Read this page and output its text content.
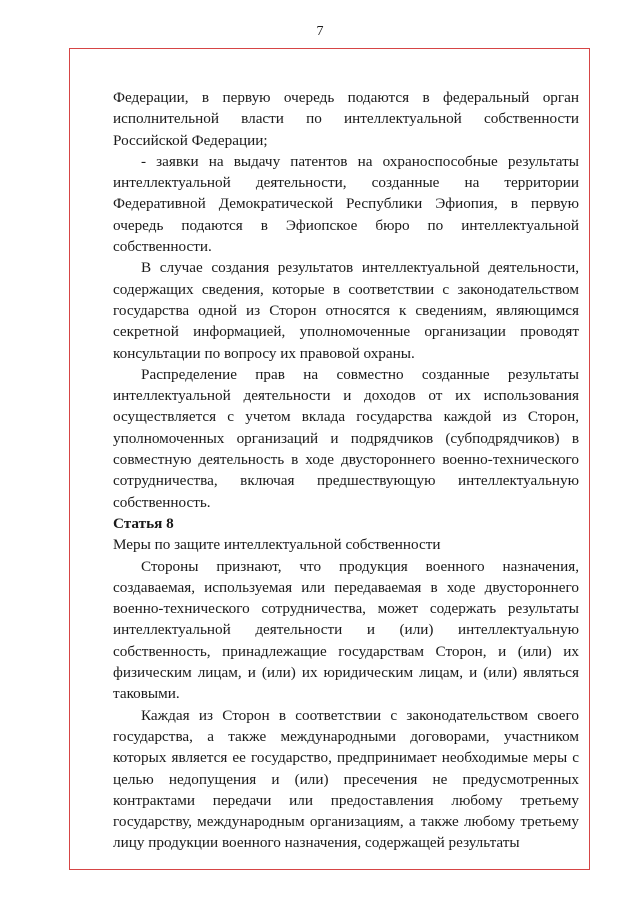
7

Федерации, в первую очередь подаются в федеральный орган исполнительной власти по интеллектуальной собственности Российской Федерации;

- заявки на выдачу патентов на охраноспособные результаты интеллектуальной деятельности, созданные на территории Федеративной Демократической Республики Эфиопия, в первую очередь подаются в Эфиопское бюро по интеллектуальной собственности.

В случае создания результатов интеллектуальной деятельности, содержащих сведения, которые в соответствии с законодательством государства одной из Сторон относятся к сведениям, являющимся секретной информацией, уполномоченные организации проводят консультации по вопросу их правовой охраны.

Распределение прав на совместно созданные результаты интеллектуальной деятельности и доходов от их использования осуществляется с учетом вклада государства каждой из Сторон, уполномоченных организаций и подрядчиков (субподрядчиков) в совместную деятельность в ходе двустороннего военно-технического сотрудничества, включая предшествующую интеллектуальную собственность.

Статья 8

Меры по защите интеллектуальной собственности

Стороны признают, что продукция военного назначения, создаваемая, используемая или передаваемая в ходе двустороннего военно-технического сотрудничества, может содержать результаты интеллектуальной деятельности и (или) интеллектуальную собственность, принадлежащие государствам Сторон, и (или) их физическим лицам, и (или) их юридическим лицам, и (или) являться таковыми.

Каждая из Сторон в соответствии с законодательством своего государства, а также международными договорами, участником которых является ее государство, предпринимает необходимые меры с целью недопущения и (или) пресечения не предусмотренных контрактами передачи или предоставления любому третьему государству, международным организациям, а также любому третьему лицу продукции военного назначения, содержащей результаты
